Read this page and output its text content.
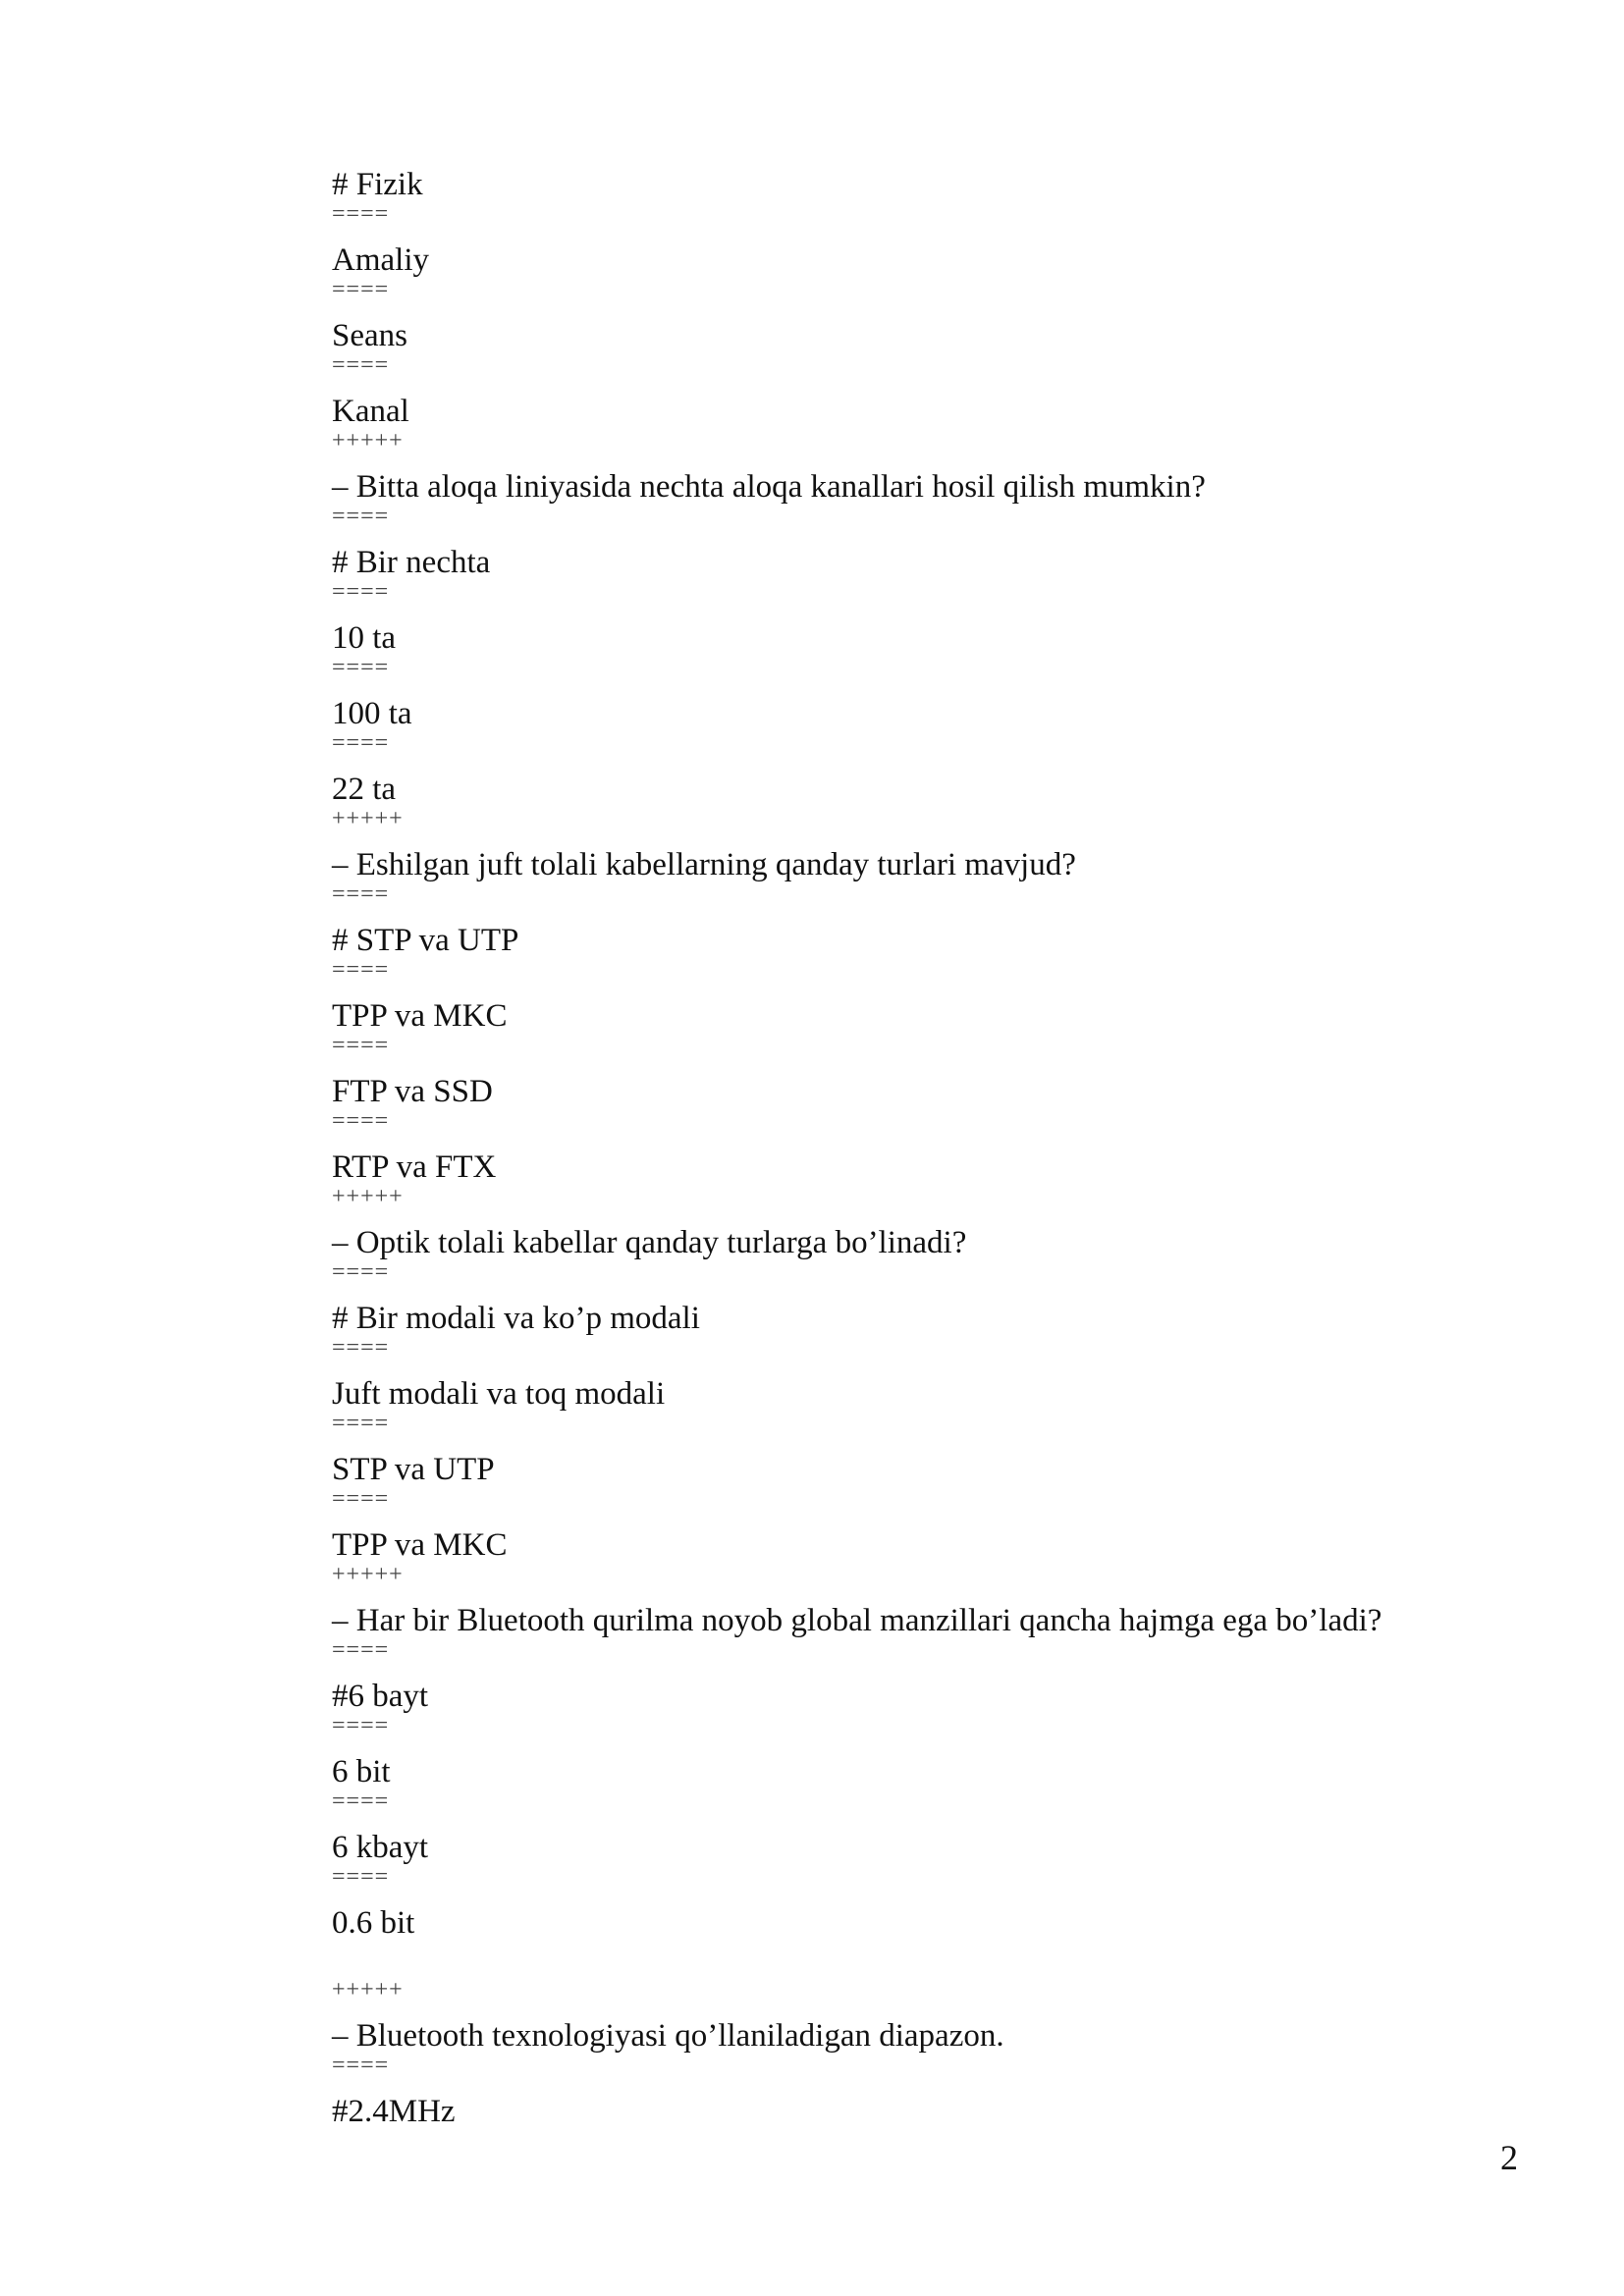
# Fizik
====
Amaliy
====
Seans
====
Kanal
+++++
– Bitta aloqa liniyasida nechta aloqa kanallari hosil qilish mumkin?
====
# Bir nechta
====
10 ta
====
100 ta
====
22 ta
+++++
– Eshilgan juft tolali kabellarning qanday turlari mavjud?
====
# STP va UTP
====
TPP va MKC
====
FTP va SSD
====
RTP va FTX
+++++
– Optik tolali kabellar qanday turlarga bo’linadi?
====
# Bir modali va ko’p modali
====
Juft modali va toq modali
====
STP va UTP
====
TPP va MKC
+++++
– Har bir Bluetooth qurilma noyob global manzillari qancha hajmga ega bo’ladi?
====
#6 bayt
====
6 bit
====
6 kbayt
====
0.6 bit
+++++
– Bluetooth texnologiyasi qo’llaniladigan diapazon.
====
#2.4MHz
2
